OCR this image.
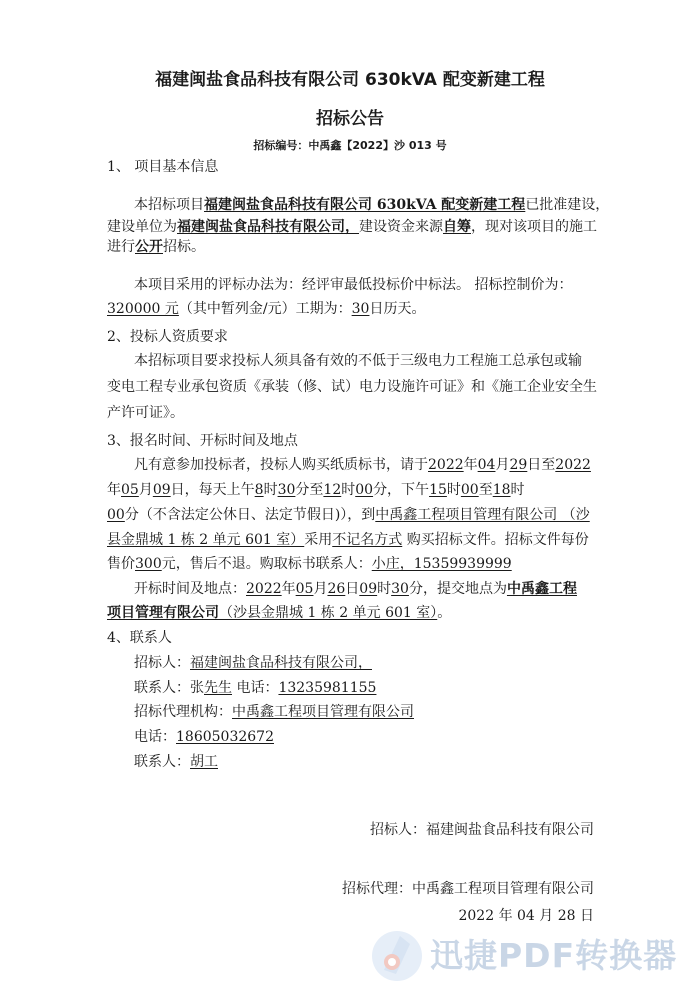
福建闽盐食品科技有限公司 630kVA 配变新建工程
招标公告
招标编号：中禹鑫【2022】沙 013 号
1、 项目基本信息
本招标项目福建闽盐食品科技有限公司 630kVA 配变新建工程已批准建设，
建设单位为福建闽盐食品科技有限公司，建设资金来源自筹，现对该项目的施工
进行公开招标。
本项目采用的评标办法为：经评审最低投标价中标法。 招标控制价为：
320000 元（其中暂列金/元）工期为：30日历天。
2、投标人资质要求
本招标项目要求投标人须具备有效的不低于三级电力工程施工总承包或输
变电工程专业承包资质《承装（修、试）电力设施许可证》和《施工企业安全生
产许可证》。
3、报名时间、开标时间及地点
凡有意参加投标者，投标人购买纸质标书，请于2022年04月29日至2022
年05月09日，每天上午8时30分至12时00分，下午15时00至18时
00分（不含法定公休日、法定节假日)），到中禹鑫工程项目管理有限公司 （沙
县金鼎城 1 栋 2 单元 601 室）采用不记名方式 购买招标文件。招标文件每份
售价300元，售后不退。购取标书联系人：小庄，15359939999
开标时间及地点：2022年05月26日09时30分，提交地点为中禹鑫工程
项目管理有限公司（沙县金鼎城 1 栋 2 单元 601 室）。
4、联系人
招标人：福建闽盐食品科技有限公司，
联系人：张先生 电话：13235981155
招标代理机构：中禹鑫工程项目管理有限公司
电话：18605032672
联系人：胡工
招标人：福建闽盐食品科技有限公司
招标代理：中禹鑫工程项目管理有限公司
2022 年 04 月 28 日
迅捷PDF转换器
